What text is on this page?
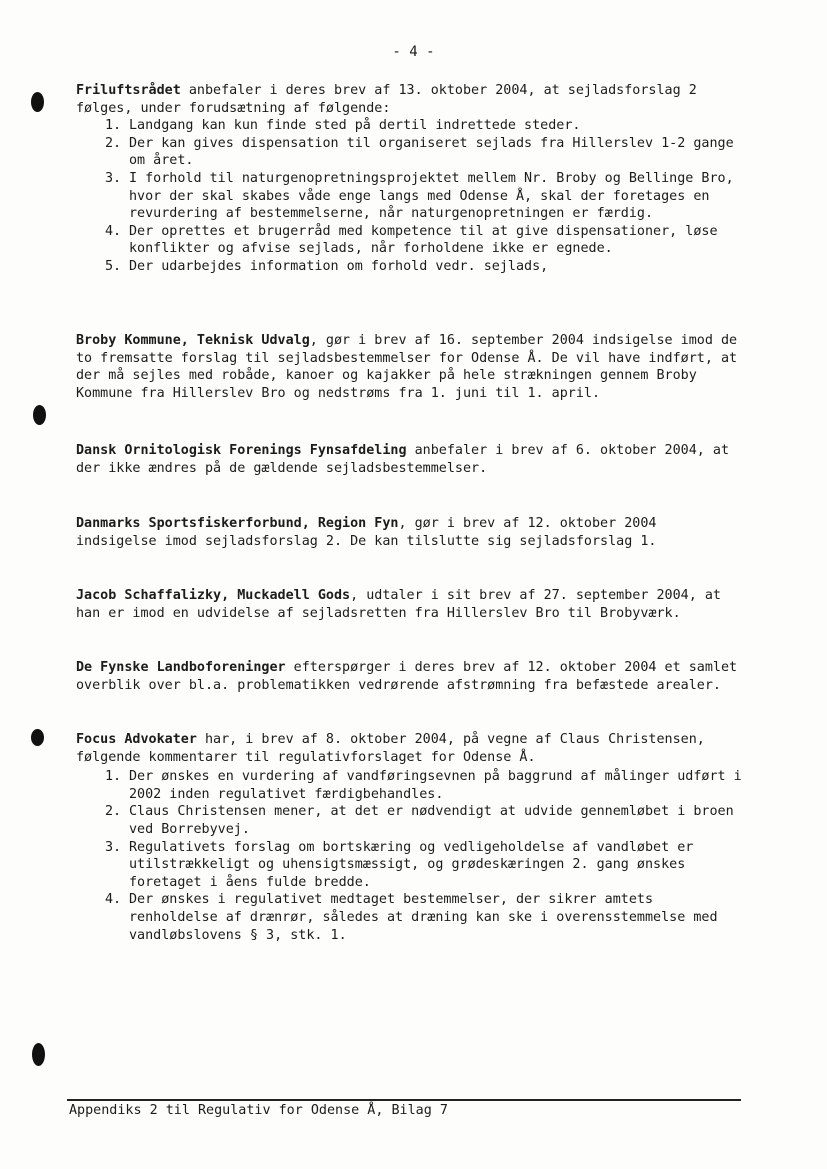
- 4 -

Friluftsrådet anbefaler i deres brev af 13. oktober 2004, at sejladsforslag 2 følges, under forudsætning af følgende:

1. Landgang kan kun finde sted på dertil indrettede steder.
2. Der kan gives dispensation til organiseret sejlads fra Hillerslev 1-2 gange om året.
3. I forhold til naturgenopretningsprojektet mellem Nr. Broby og Bellinge Bro, hvor der skal skabes våde enge langs med Odense Å, skal der foretages en revurdering af bestemmelserne, når naturgenopretningen er færdig.
4. Der oprettes et brugerråd med kompetence til at give dispensationer, løse konflikter og afvise sejlads, når forholdene ikke er egnede.
5. Der udarbejdes information om forhold vedr. sejlads,

Broby Kommune, Teknisk Udvalg, gør i brev af 16. september 2004 indsigelse imod de to fremsatte forslag til sejladsbestemmelser for Odense Å. De vil have indført, at der må sejles med robåde, kanoer og kajakker på hele strækningen gennem Broby Kommune fra Hillerslev Bro og nedstrøms fra 1. juni til 1. april.

Dansk Ornitologisk Forenings Fynsafdeling anbefaler i brev af 6. oktober 2004, at der ikke ændres på de gældende sejladsbestemmelser.

Danmarks Sportsfiskerforbund, Region Fyn, gør i brev af 12. oktober 2004 indsigelse imod sejladsforslag 2. De kan tilslutte sig sejladsforslag 1.

Jacob Schaffalizky, Muckadell Gods, udtaler i sit brev af 27. september 2004, at han er imod en udvidelse af sejladsretten fra Hillerslev Bro til Brobyværk.

De Fynske Landboforeninger efterspørger i deres brev af 12. oktober 2004 et samlet overblik over bl.a. problematikken vedrørende afstrømning fra befæstede arealer.

Focus Advokater har, i brev af 8. oktober 2004, på vegne af Claus Christensen, følgende kommentarer til regulativforslaget for Odense Å.

1. Der ønskes en vurdering af vandføringsevnen på baggrund af målinger udført i 2002 inden regulativet færdigbehandles.
2. Claus Christensen mener, at det er nødvendigt at udvide gennemløbet i broen ved Borrebyvej.
3. Regulativets forslag om bortskæring og vedligeholdelse af vandløbet er utilstrækkeligt og uhensigtsmæssigt, og grødeskæringen 2. gang ønskes foretaget i åens fulde bredde.
4. Der ønskes i regulativet medtaget bestemmelser, der sikrer amtets renholdelse af drænrør, således at dræning kan ske i overensstemmelse med vandløbslovens § 3, stk. 1.
Appendiks 2 til Regulativ for Odense Å, Bilag 7
